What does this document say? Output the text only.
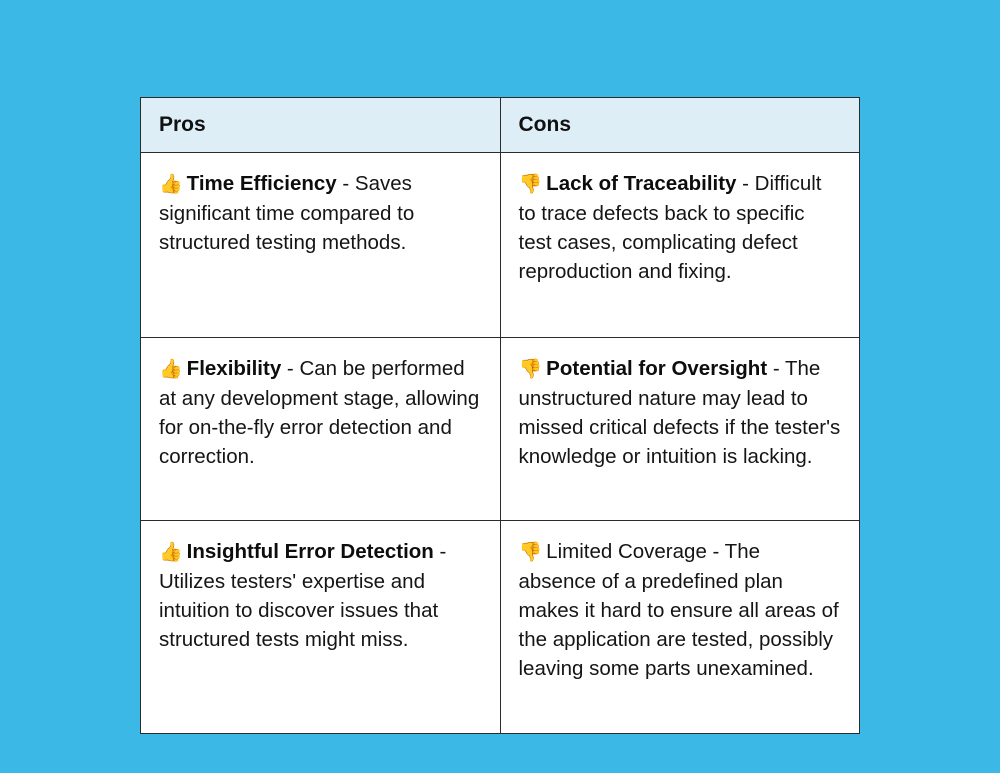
Pros	Cons

👍 Time Efficiency - Saves significant time compared to structured testing methods.	👎 Lack of Traceability - Difficult to trace defects back to specific test cases, complicating defect reproduction and fixing.

👍 Flexibility - Can be performed at any development stage, allowing for on-the-fly error detection and correction.	👎 Potential for Oversight - The unstructured nature may lead to missed critical defects if the tester's knowledge or intuition is lacking.

👍 Insightful Error Detection - Utilizes testers' expertise and intuition to discover issues that structured tests might miss.	👎 Limited Coverage - The absence of a predefined plan makes it hard to ensure all areas of the application are tested, possibly leaving some parts unexamined.
